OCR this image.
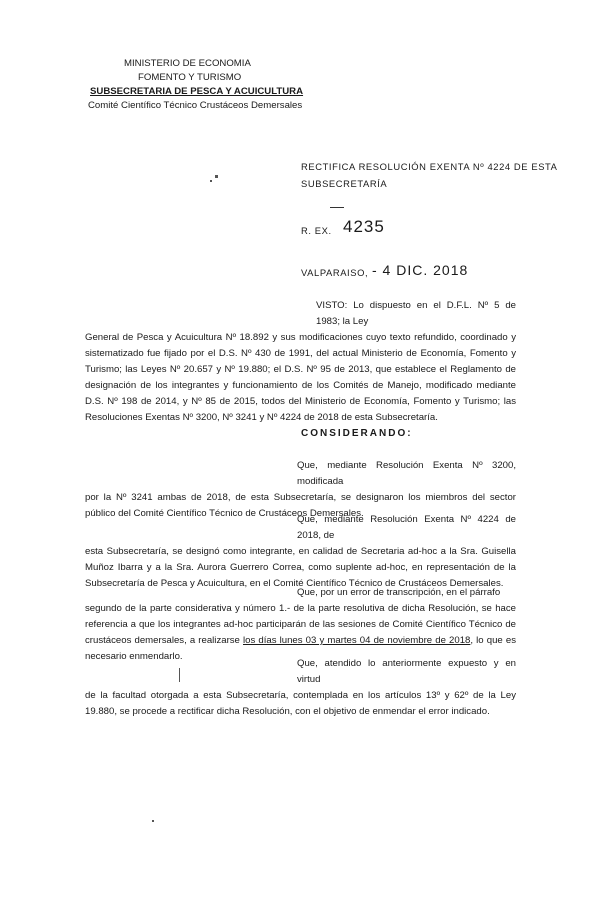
MINISTERIO DE ECONOMIA
FOMENTO Y TURISMO
SUBSECRETARIA DE PESCA Y ACUICULTURA
Comité Científico Técnico Crustáceos Demersales
RECTIFICA RESOLUCIÓN EXENTA Nº 4224 DE ESTA
SUBSECRETARÍA
R. EX. 4235
VALPARAISO, - 4 DIC. 2018
VISTO: Lo dispuesto en el D.F.L. Nº 5 de 1983; la Ley
General de Pesca y Acuicultura Nº 18.892 y sus modificaciones cuyo texto refundido, coordinado y sistematizado fue fijado por el D.S. Nº 430 de 1991, del actual Ministerio de Economía, Fomento y Turismo; las Leyes Nº 20.657 y Nº 19.880; el D.S. Nº 95 de 2013, que establece el Reglamento de designación de los integrantes y funcionamiento de los Comités de Manejo, modificado mediante D.S. Nº 198 de 2014, y Nº 85 de 2015, todos del Ministerio de Economía, Fomento y Turismo; las Resoluciones Exentas Nº 3200, Nº 3241 y Nº 4224 de 2018 de esta Subsecretaría.
CONSIDERANDO:
Que, mediante Resolución Exenta Nº 3200, modificada
por la Nº 3241 ambas de 2018, de esta Subsecretaría, se designaron los miembros del sector público del Comité Científico Técnico de Crustáceos Demersales.
Que, mediante Resolución Exenta Nº 4224 de 2018, de
esta Subsecretaría, se designó como integrante, en calidad de Secretaria ad-hoc a la Sra. Guisella Muñoz Ibarra y a la Sra. Aurora Guerrero Correa, como suplente ad-hoc, en representación de la Subsecretaría de Pesca y Acuicultura, en el Comité Científico Técnico de Crustáceos Demersales.
Que, por un error de transcripción, en el párrafo
segundo de la parte considerativa y número 1.- de la parte resolutiva de dicha Resolución, se hace referencia a que los integrantes ad-hoc participarán de las sesiones de Comité Científico Técnico de crustáceos demersales, a realizarse los días lunes 03 y martes 04 de noviembre de 2018, lo que es necesario enmendarlo.
Que, atendido lo anteriormente expuesto y en virtud
de la facultad otorgada a esta Subsecretaría, contemplada en los artículos 13º y 62º de la Ley 19.880, se procede a rectificar dicha Resolución, con el objetivo de enmendar el error indicado.
